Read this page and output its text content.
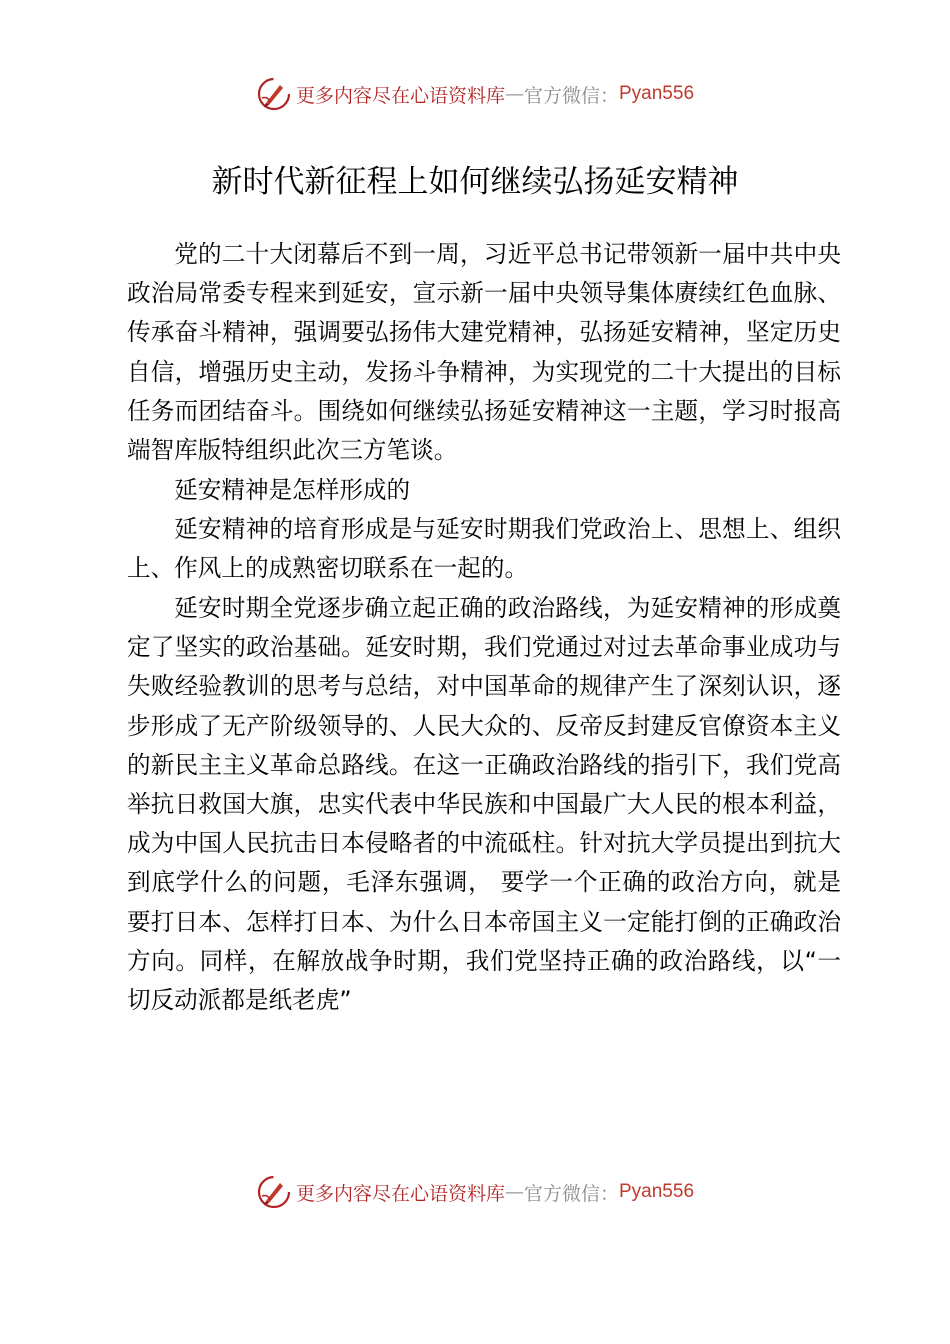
更多内容尽在心语资料库 — 官方微信： Pyan556
新时代新征程上如何继续弘扬延安精神

党的二十大闭幕后不到一周，习近平总书记带领新一届中共中央政治局常委专程来到延安，宣示新一届中央领导集体赓续红色血脉、传承奋斗精神，强调要弘扬伟大建党精神，弘扬延安精神，坚定历史自信，增强历史主动，发扬斗争精神，为实现党的二十大提出的目标任务而团结奋斗。围绕如何继续弘扬延安精神这一主题，学习时报高端智库版特组织此次三方笔谈。

延安精神是怎样形成的

延安精神的培育形成是与延安时期我们党政治上、思想上、组织上、作风上的成熟密切联系在一起的。

延安时期全党逐步确立起正确的政治路线，为延安精神的形成奠定了坚实的政治基础。延安时期，我们党通过对过去革命事业成功与失败经验教训的思考与总结，对中国革命的规律产生了深刻认识，逐步形成了无产阶级领导的、人民大众的、反帝反封建反官僚资本主义的新民主主义革命总路线。在这一正确政治路线的指引下，我们党高举抗日救国大旗，忠实代表中华民族和中国最广大人民的根本利益，成为中国人民抗击日本侵略者的中流砥柱。针对抗大学员提出到抗大到底学什么的问题，毛泽东强调， 要学一个正确的政治方向，就是要打日本、怎样打日本、为什么日本帝国主义一定能打倒的正确政治方向。同样，在解放战争时期，我们党坚持正确的政治路线，以“一切反动派都是纸老虎”

更多内容尽在心语资料库 — 官方微信： Pyan556
